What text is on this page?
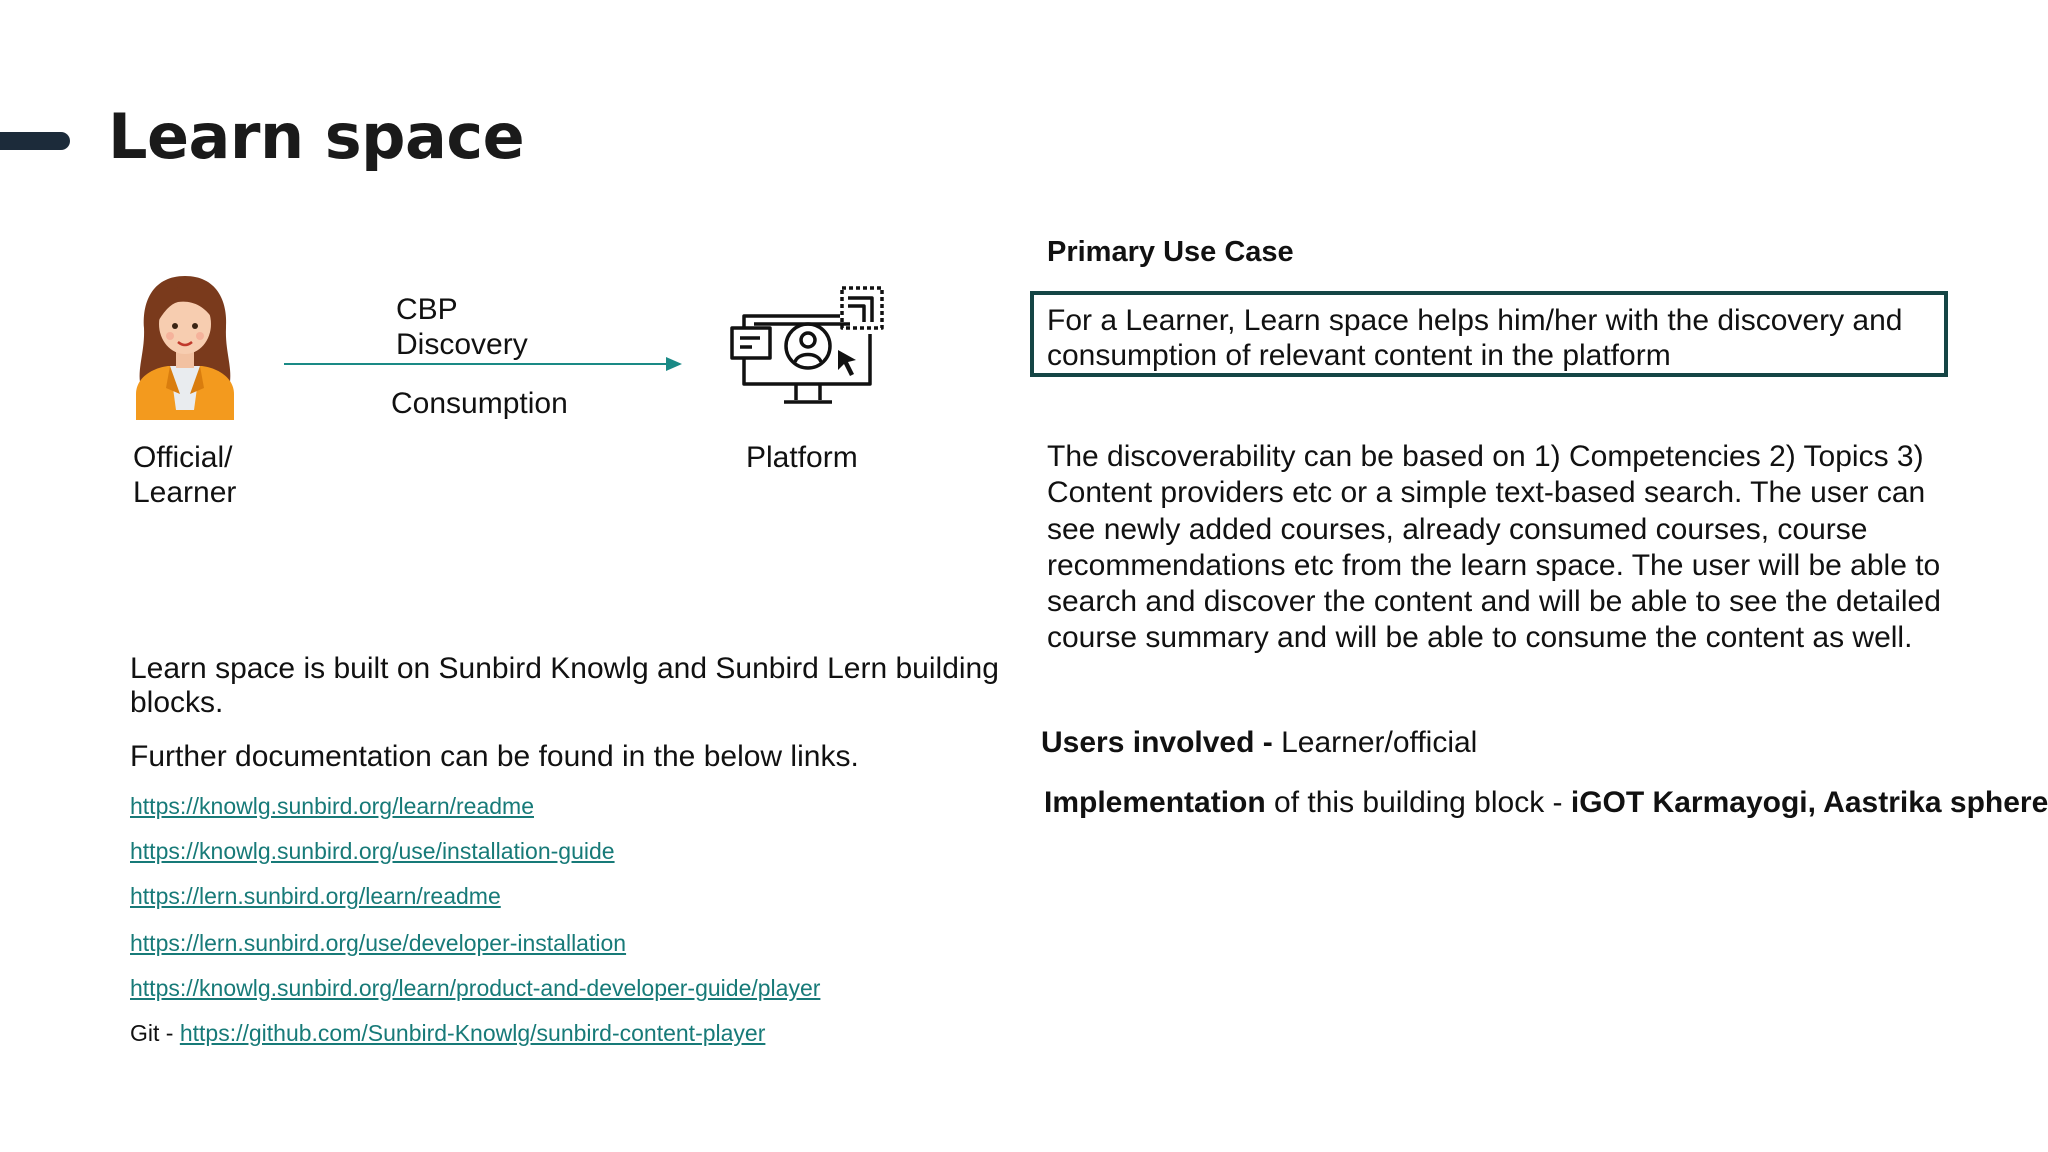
Learn space
Official/
Learner
CBP
Discovery
Consumption
Platform
Primary Use Case
For a Learner, Learn space helps him/her with the discovery and consumption of relevant content in the platform
The discoverability can be based on 1) Competencies 2) Topics 3) Content providers etc or a simple text-based search. The user can see newly added courses, already consumed courses, course recommendations etc from the learn space. The user will be able to search and discover the content and will be able to see the detailed course summary and will be able to consume the content as well.
Users involved - Learner/official
Implementation of this building block - iGOT Karmayogi, Aastrika sphere
Learn space is built on Sunbird Knowlg and Sunbird Lern building blocks.
Further documentation can be found in the below links.
https://knowlg.sunbird.org/learn/readme
https://knowlg.sunbird.org/use/installation-guide
https://lern.sunbird.org/learn/readme
https://lern.sunbird.org/use/developer-installation
https://knowlg.sunbird.org/learn/product-and-developer-guide/player
Git - https://github.com/Sunbird-Knowlg/sunbird-content-player
